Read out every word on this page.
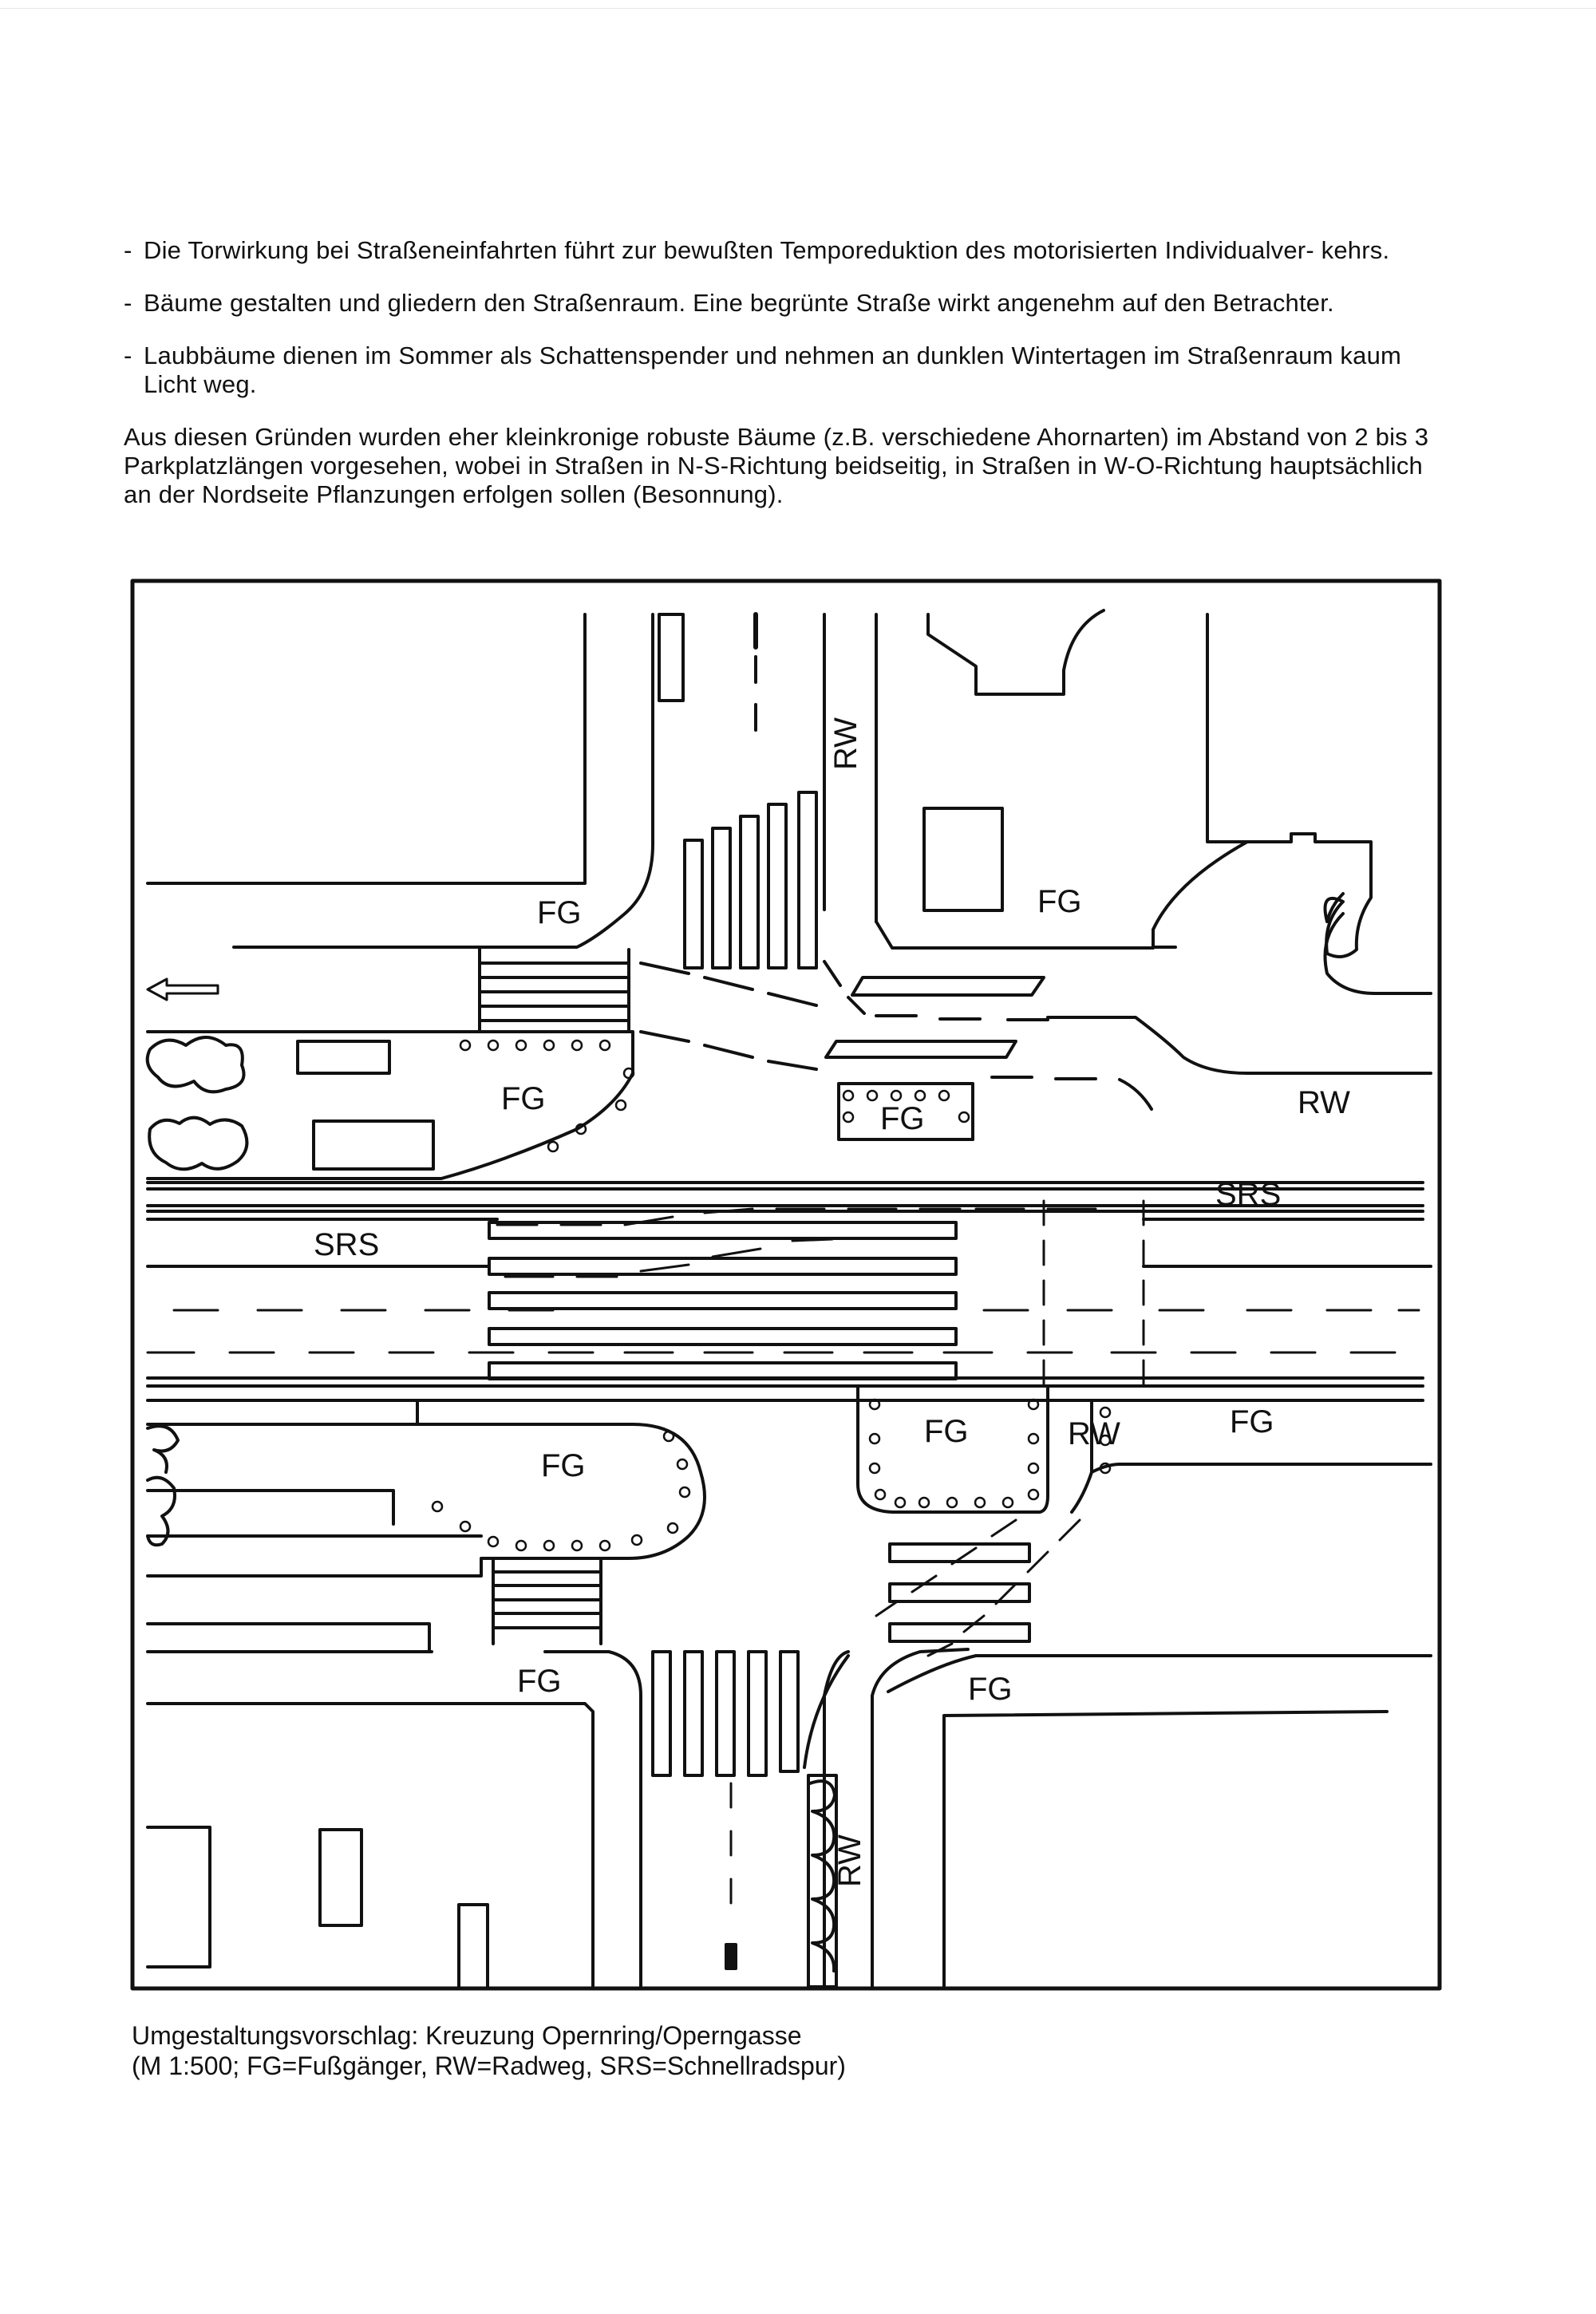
- Die Torwirkung bei Straßeneinfahrten führt zur bewußten Temporeduktion des motorisierten Individualver- kehrs.
- Bäume gestalten und gliedern den Straßenraum. Eine begrünte Straße wirkt angenehm auf den Betrachter.
- Laubbäume dienen im Sommer als Schattenspender und nehmen an dunklen Wintertagen im Straßenraum kaum Licht weg.
Aus diesen Gründen wurden eher kleinkronige robuste Bäume (z.B. verschiedene Ahornarten) im Abstand von 2 bis 3 Parkplatzlängen vorgesehen, wobei in Straßen in N-S-Richtung beidseitig, in Straßen in W-O-Richtung hauptsächlich an der Nordseite Pflanzungen erfolgen sollen (Besonnung).
FG	FG
FG
FG	RW
SRS
SRS
FG
FG	RW	FG
FG	FG
RW
RW
Umgestaltungsvorschlag: Kreuzung Opernring/Operngasse
(M 1:500; FG=Fußgänger, RW=Radweg, SRS=Schnellradspur)
